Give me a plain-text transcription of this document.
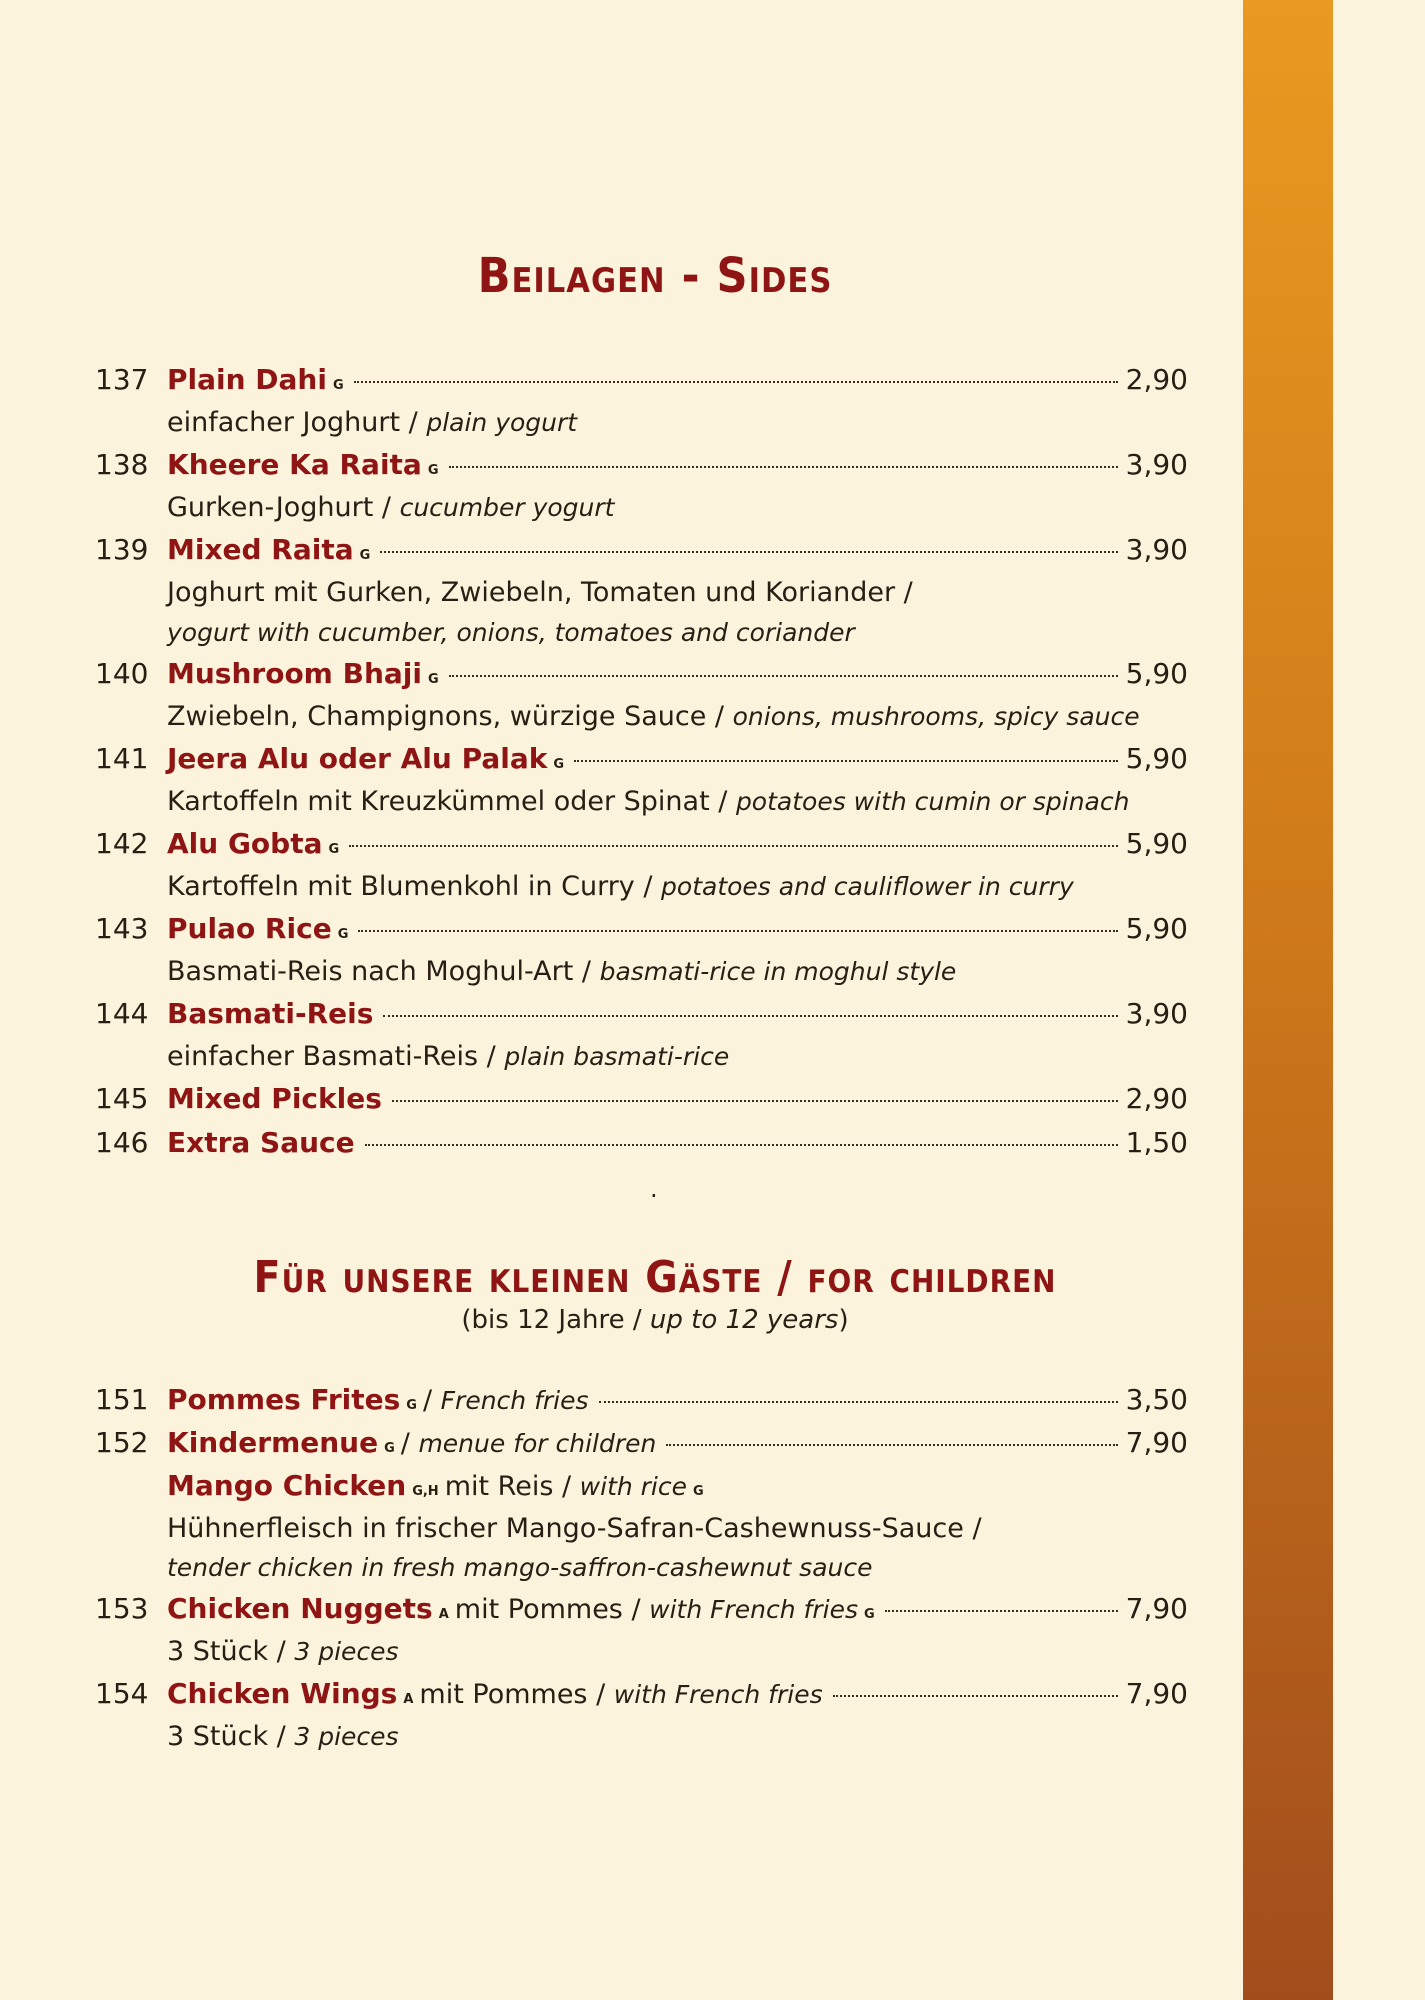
Beilagen - Sides
137 Plain Dahi G	2,90
einfacher Joghurt / plain yogurt
138 Kheere Ka Raita G	3,90
Gurken-Joghurt / cucumber yogurt
139 Mixed Raita G	3,90
Joghurt mit Gurken, Zwiebeln, Tomaten und Koriander /
yogurt with cucumber, onions, tomatoes and coriander
140 Mushroom Bhaji G	5,90
Zwiebeln, Champignons, würzige Sauce / onions, mushrooms, spicy sauce
141 Jeera Alu oder Alu Palak G	5,90
Kartoffeln mit Kreuzkümmel oder Spinat / potatoes with cumin or spinach
142 Alu Gobta G	5,90
Kartoffeln mit Blumenkohl in Curry / potatoes and cauliflower in curry
143 Pulao Rice G	5,90
Basmati-Reis nach Moghul-Art / basmati-rice in moghul style
144 Basmati-Reis	3,90
einfacher Basmati-Reis / plain basmati-rice
145 Mixed Pickles	2,90
146 Extra Sauce	1,50
·
Für unsere kleinen Gäste / for children
(bis 12 Jahre / up to 12 years)
151 Pommes Frites G / French fries	3,50
152 Kindermenue G / menue for children	7,90
Mango Chicken G,H mit Reis / with rice G
Hühnerfleisch in frischer Mango-Safran-Cashewnuss-Sauce /
tender chicken in fresh mango-saffron-cashewnut sauce
153 Chicken Nuggets A mit Pommes / with French fries G	7,90
3 Stück / 3 pieces
154 Chicken Wings A mit Pommes / with French fries	7,90
3 Stück / 3 pieces
